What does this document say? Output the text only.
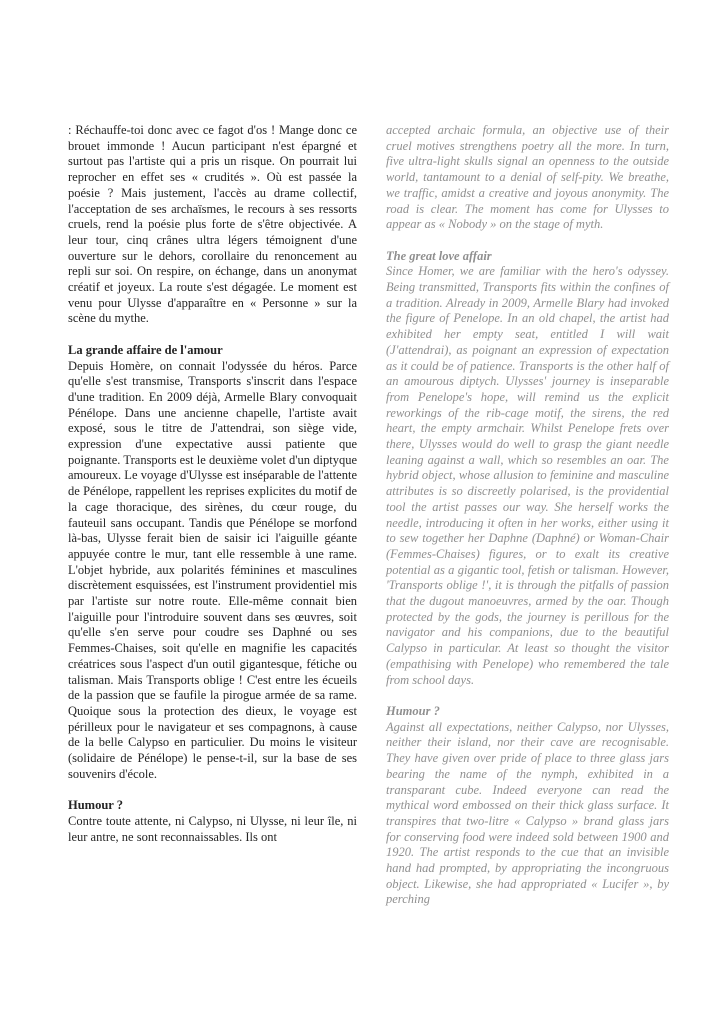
: Réchauffe-toi donc avec ce fagot d'os ! Mange donc ce brouet immonde ! Aucun participant n'est épargné et surtout pas l'artiste qui a pris un risque. On pourrait lui reprocher en effet ses « crudités ». Où est passée la poésie ? Mais justement, l'accès au drame collectif, l'acceptation de ses archaïsmes, le recours à ses ressorts cruels, rend la poésie plus forte de s'être objectivée. A leur tour, cinq crânes ultra légers témoignent d'une ouverture sur le dehors, corollaire du renoncement au repli sur soi. On respire, on échange, dans un anonymat créatif et joyeux. La route s'est dégagée. Le moment est venu pour Ulysse d'apparaître en « Personne » sur la scène du mythe.

La grande affaire de l'amour

Depuis Homère, on connait l'odyssée du héros. Parce qu'elle s'est transmise, Transports s'inscrit dans l'espace d'une tradition. En 2009 déjà, Armelle Blary convoquait Pénélope. Dans une ancienne chapelle, l'artiste avait exposé, sous le titre de J'attendrai, son siège vide, expression d'une expectative aussi patiente que poignante. Transports est le deuxième volet d'un diptyque amoureux. Le voyage d'Ulysse est inséparable de l'attente de Pénélope, rappellent les reprises explicites du motif de la cage thoracique, des sirènes, du cœur rouge, du fauteuil sans occupant. Tandis que Pénélope se morfond là-bas, Ulysse ferait bien de saisir ici l'aiguille géante appuyée contre le mur, tant elle ressemble à une rame. L'objet hybride, aux polarités féminines et masculines discrètement esquissées, est l'instrument providentiel mis par l'artiste sur notre route. Elle-même connait bien l'aiguille pour l'introduire souvent dans ses œuvres, soit qu'elle s'en serve pour coudre ses Daphné ou ses Femmes-Chaises, soit qu'elle en magnifie les capacités créatrices sous l'aspect d'un outil gigantesque, fétiche ou talisman. Mais Transports oblige ! C'est entre les écueils de la passion que se faufile la pirogue armée de sa rame. Quoique sous la protection des dieux, le voyage est périlleux pour le navigateur et ses compagnons, à cause de la belle Calypso en particulier. Du moins le visiteur (solidaire de Pénélope) le pense-t-il, sur la base de ses souvenirs d'école.

Humour ?

Contre toute attente, ni Calypso, ni Ulysse, ni leur île, ni leur antre, ne sont reconnaissables. Ils ont

accepted archaic formula, an objective use of their cruel motives strengthens poetry all the more. In turn, five ultra-light skulls signal an openness to the outside world, tantamount to a denial of self-pity. We breathe, we traffic, amidst a creative and joyous anonymity. The road is clear. The moment has come for Ulysses to appear as « Nobody » on the stage of myth.

The great love affair

Since Homer, we are familiar with the hero's odyssey. Being transmitted, Transports fits within the confines of a tradition. Already in 2009, Armelle Blary had invoked the figure of Penelope. In an old chapel, the artist had exhibited her empty seat, entitled I will wait (J'attendrai), as poignant an expression of expectation as it could be of patience. Transports is the other half of an amourous diptych. Ulysses' journey is inseparable from Penelope's hope, will remind us the explicit reworkings of the rib-cage motif, the sirens, the red heart, the empty armchair. Whilst Penelope frets over there, Ulysses would do well to grasp the giant needle leaning against a wall, which so resembles an oar. The hybrid object, whose allusion to feminine and masculine attributes is so discreetly polarised, is the providential tool the artist passes our way. She herself works the needle, introducing it often in her works, either using it to sew together her Daphne (Daphné) or Woman-Chair (Femmes-Chaises) figures, or to exalt its creative potential as a gigantic tool, fetish or talisman. However, 'Transports oblige !', it is through the pitfalls of passion that the dugout manoeuvres, armed by the oar. Though protected by the gods, the journey is perillous for the navigator and his companions, due to the beautiful Calypso in particular. At least so thought the visitor (empathising with Penelope) who remembered the tale from school days.

Humour ?

Against all expectations, neither Calypso, nor Ulysses, neither their island, nor their cave are recognisable. They have given over pride of place to three glass jars bearing the name of the nymph, exhibited in a transparant cube. Indeed everyone can read the mythical word embossed on their thick glass surface. It transpires that two-litre « Calypso » brand glass jars for conserving food were indeed sold between 1900 and 1920. The artist responds to the cue that an invisible hand had prompted, by appropriating the incongruous object. Likewise, she had appropriated « Lucifer », by perching
